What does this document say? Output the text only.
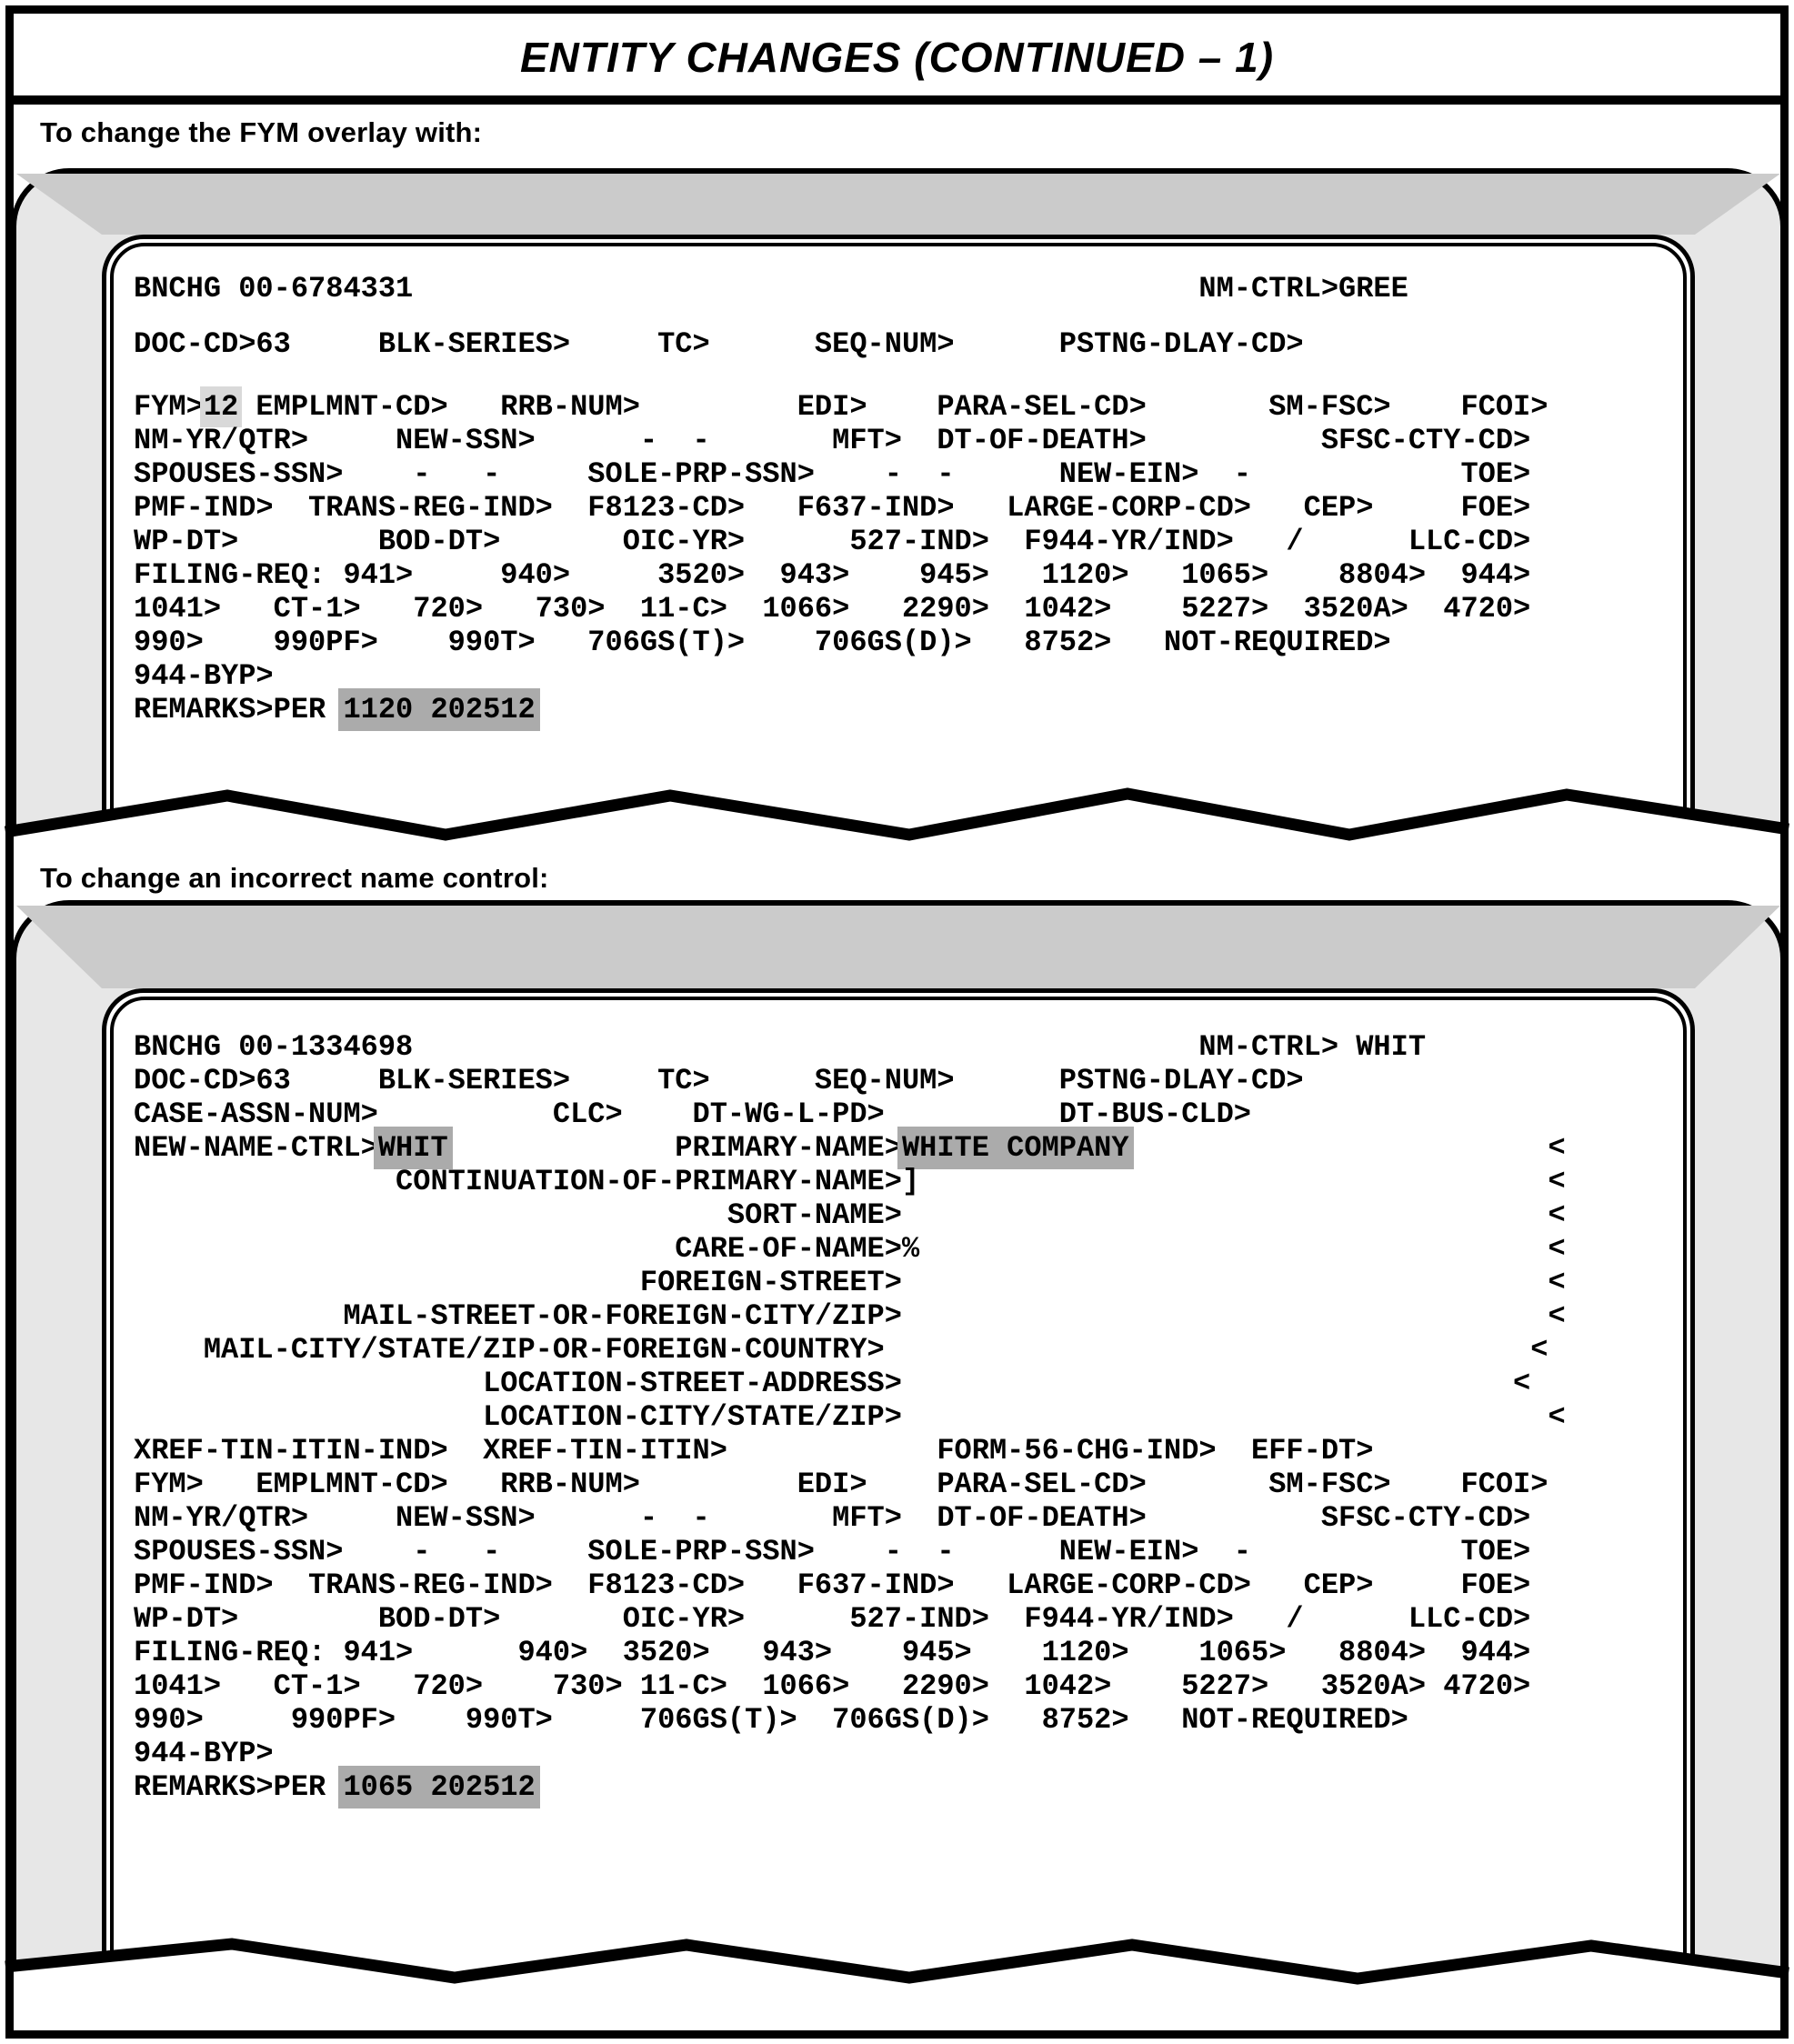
BNCHG 00-6784331                                             NM-CTRL>GREE
DOC-CD>63     BLK-SERIES>     TC>      SEQ-NUM>      PSTNG-DLAY-CD>
FYM>12 EMPLMNT-CD>   RRB-NUM>         EDI>    PARA-SEL-CD>       SM-FSC>    FCOI>
NM-YR/QTR>     NEW-SSN>      -  -       MFT>  DT-OF-DEATH>          SFSC-CTY-CD>
SPOUSES-SSN>    -   -     SOLE-PRP-SSN>    -  -      NEW-EIN>  -            TOE>
PMF-IND>  TRANS-REG-IND>  F8123-CD>   F637-IND>   LARGE-CORP-CD>   CEP>     FOE>
WP-DT>        BOD-DT>       OIC-YR>      527-IND>  F944-YR/IND>   /      LLC-CD>
FILING-REQ: 941>     940>     3520>  943>    945>   1120>   1065>    8804>  944>
1041>   CT-1>   720>   730>  11-C>  1066>   2290>  1042>    5227>  3520A>  4720>
990>    990PF>    990T>   706GS(T)>    706GS(D)>   8752>   NOT-REQUIRED>
944-BYP>
REMARKS>PER 1120 202512
BNCHG 00-1334698                                             NM-CTRL> WHIT
DOC-CD>63     BLK-SERIES>     TC>      SEQ-NUM>      PSTNG-DLAY-CD>
CASE-ASSN-NUM>          CLC>    DT-WG-L-PD>          DT-BUS-CLD>
NEW-NAME-CTRL>WHIT             PRIMARY-NAME>WHITE COMPANY                        <
CONTINUATION-OF-PRIMARY-NAME>]                                    <
SORT-NAME>                                     <
CARE-OF-NAME>%                                    <
FOREIGN-STREET>                                     <
MAIL-STREET-OR-FOREIGN-CITY/ZIP>                                     <
MAIL-CITY/STATE/ZIP-OR-FOREIGN-COUNTRY>                                     <
LOCATION-STREET-ADDRESS>                                   <
LOCATION-CITY/STATE/ZIP>                                     <
XREF-TIN-ITIN-IND>  XREF-TIN-ITIN>            FORM-56-CHG-IND>  EFF-DT>
FYM>   EMPLMNT-CD>   RRB-NUM>         EDI>    PARA-SEL-CD>       SM-FSC>    FCOI>
NM-YR/QTR>     NEW-SSN>      -  -       MFT>  DT-OF-DEATH>          SFSC-CTY-CD>
SPOUSES-SSN>    -   -     SOLE-PRP-SSN>    -  -      NEW-EIN>  -            TOE>
PMF-IND>  TRANS-REG-IND>  F8123-CD>   F637-IND>   LARGE-CORP-CD>   CEP>     FOE>
WP-DT>        BOD-DT>       OIC-YR>      527-IND>  F944-YR/IND>   /      LLC-CD>
FILING-REQ: 941>      940>  3520>   943>    945>    1120>    1065>   8804>  944>
1041>   CT-1>   720>    730> 11-C>  1066>   2290>  1042>    5227>   3520A> 4720>
990>     990PF>    990T>     706GS(T)>  706GS(D)>   8752>   NOT-REQUIRED>
944-BYP>
REMARKS>PER 1065 202512
ENTITY CHANGES (CONTINUED – 1)
To change the FYM overlay with:
To change an incorrect name control:
